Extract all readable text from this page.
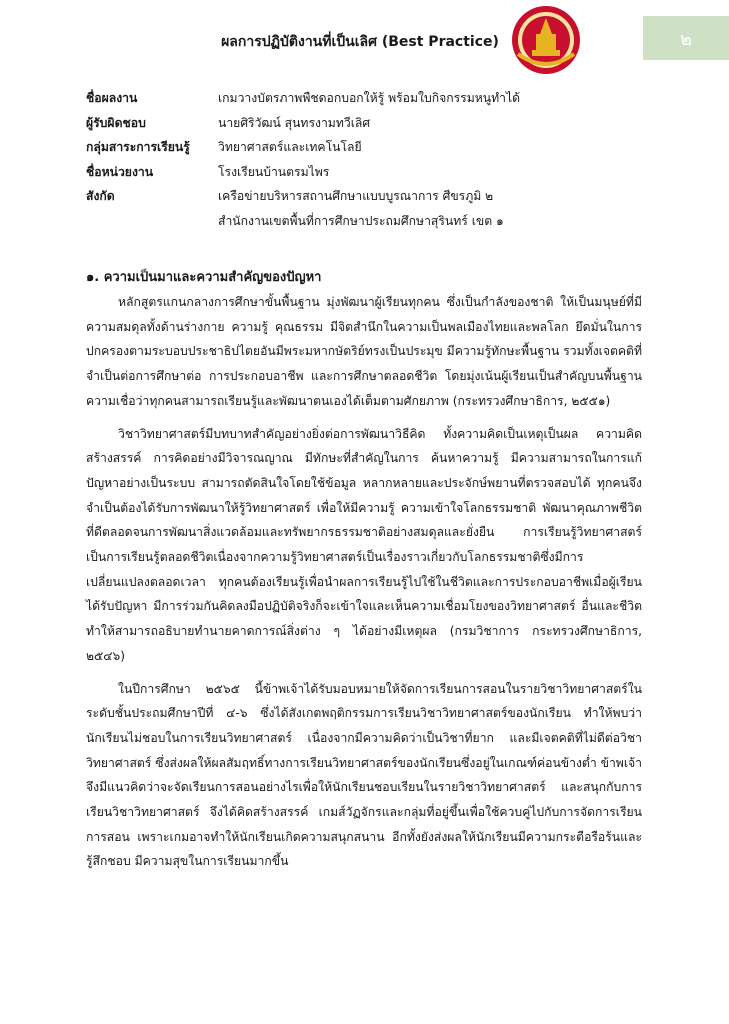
๒
ผลการปฏิบัติงานที่เป็นเลิศ (Best Practice)
ชื่อผลงาน	เกมวางบัตรภาพพืชดอกบอกให้รู้ พร้อมใบกิจกรรมหนูทำได้
ผู้รับผิดชอบ	นายศิริวัฒน์ สุนทรงามทวีเลิศ
กลุ่มสาระการเรียนรู้	วิทยาศาสตร์และเทคโนโลยี
ชื่อหน่วยงาน	โรงเรียนบ้านตรมไพร
สังกัด	เครือข่ายบริหารสถานศึกษาแบบบูรณาการ ศีขรภูมิ ๒
สำนักงานเขตพื้นที่การศึกษาประถมศึกษาสุรินทร์ เขต ๑
๑. ความเป็นมาและความสำคัญของปัญหา

หลักสูตรแกนกลางการศึกษาขั้นพื้นฐาน มุ่งพัฒนาผู้เรียนทุกคน ซึ่งเป็นกำลังของชาติ ให้เป็นมนุษย์ที่มีความสมดุลทั้งด้านร่างกาย ความรู้ คุณธรรม มีจิตสำนึกในความเป็นพลเมืองไทยและพลโลก ยึดมั่นในการปกครองตามระบอบประชาธิปไตยอันมีพระมหากษัตริย์ทรงเป็นประมุข มีความรู้ทักษะพื้นฐาน รวมทั้งเจตคติที่จำเป็นต่อการศึกษาต่อ การประกอบอาชีพ และการศึกษาตลอดชีวิต โดยมุ่งเน้นผู้เรียนเป็นสำคัญบนพื้นฐานความเชื่อว่าทุกคนสามารถเรียนรู้และพัฒนาตนเองได้เต็มตามศักยภาพ (กระทรวงศึกษาธิการ, ๒๕๕๑)

วิชาวิทยาศาสตร์มีบทบาทสำคัญอย่างยิ่งต่อการพัฒนาวิธีคิด ทั้งความคิดเป็นเหตุเป็นผล ความคิดสร้างสรรค์ การคิดอย่างมีวิจารณญาณ มีทักษะที่สำคัญในการ ค้นหาความรู้ มีความสามารถในการแก้ปัญหาอย่างเป็นระบบ สามารถตัดสินใจโดยใช้ข้อมูล หลากหลายและประจักษ์พยานที่ตรวจสอบได้ ทุกคนจึงจำเป็นต้องได้รับการพัฒนาให้รู้วิทยาศาสตร์ เพื่อให้มีความรู้ ความเข้าใจโลกธรรมชาติ พัฒนาคุณภาพชีวิตที่ดีตลอดจนการพัฒนาสิ่งแวดล้อมและทรัพยากรธรรมชาติอย่างสมดุลและยั่งยืน การเรียนรู้วิทยาศาสตร์เป็นการเรียนรู้ตลอดชีวิตเนื่องจากความรู้วิทยาศาสตร์เป็นเรื่องราวเกี่ยวกับโลกธรรมชาติซึ่งมีการเปลี่ยนแปลงตลอดเวลา ทุกคนต้องเรียนรู้เพื่อนำผลการเรียนรู้ไปใช้ในชีวิตและการประกอบอาชีพเมื่อผู้เรียนได้รับปัญหา มีการร่วมกันคิดลงมือปฏิบัติจริงก็จะเข้าใจและเห็นความเชื่อมโยงของวิทยาศาสตร์ อื่นและชีวิต ทำให้สามารถอธิบายทำนายคาดการณ์สิ่งต่าง ๆ ได้อย่างมีเหตุผล (กรมวิชาการ กระทรวงศึกษาธิการ, ๒๕๔๖)

ในปีการศึกษา ๒๕๖๕ นี้ข้าพเจ้าได้รับมอบหมายให้จัดการเรียนการสอนในรายวิชาวิทยาศาสตร์ในระดับชั้นประถมศึกษาปีที่ ๔-๖ ซึ่งได้สังเกตพฤติกรรมการเรียนวิชาวิทยาศาสตร์ของนักเรียน ทำให้พบว่านักเรียนไม่ชอบในการเรียนวิทยาศาสตร์ เนื่องจากมีความคิดว่าเป็นวิชาที่ยาก และมีเจตคติที่ไม่ดีต่อวิชาวิทยาศาสตร์ ซึ่งส่งผลให้ผลสัมฤทธิ์ทางการเรียนวิทยาศาสตร์ของนักเรียนซึ่งอยู่ในเกณฑ์ค่อนข้างต่ำ ข้าพเจ้าจึงมีแนวคิดว่าจะจัดเรียนการสอนอย่างไรเพื่อให้นักเรียนชอบเรียนในรายวิชาวิทยาศาสตร์ และสนุกกับการเรียนวิชาวิทยาศาสตร์ จึงได้คิดสร้างสรรค์ เกมส์วัฏจักรและกลุ่มที่อยู่ขึ้นเพื่อใช้ควบคู่ไปกับการจัดการเรียนการสอน เพราะเกมอาจทำให้นักเรียนเกิดความสนุกสนาน อีกทั้งยังส่งผลให้นักเรียนมีความกระตือรือร้นและรู้สึกชอบ มีความสุขในการเรียนมากขึ้น
